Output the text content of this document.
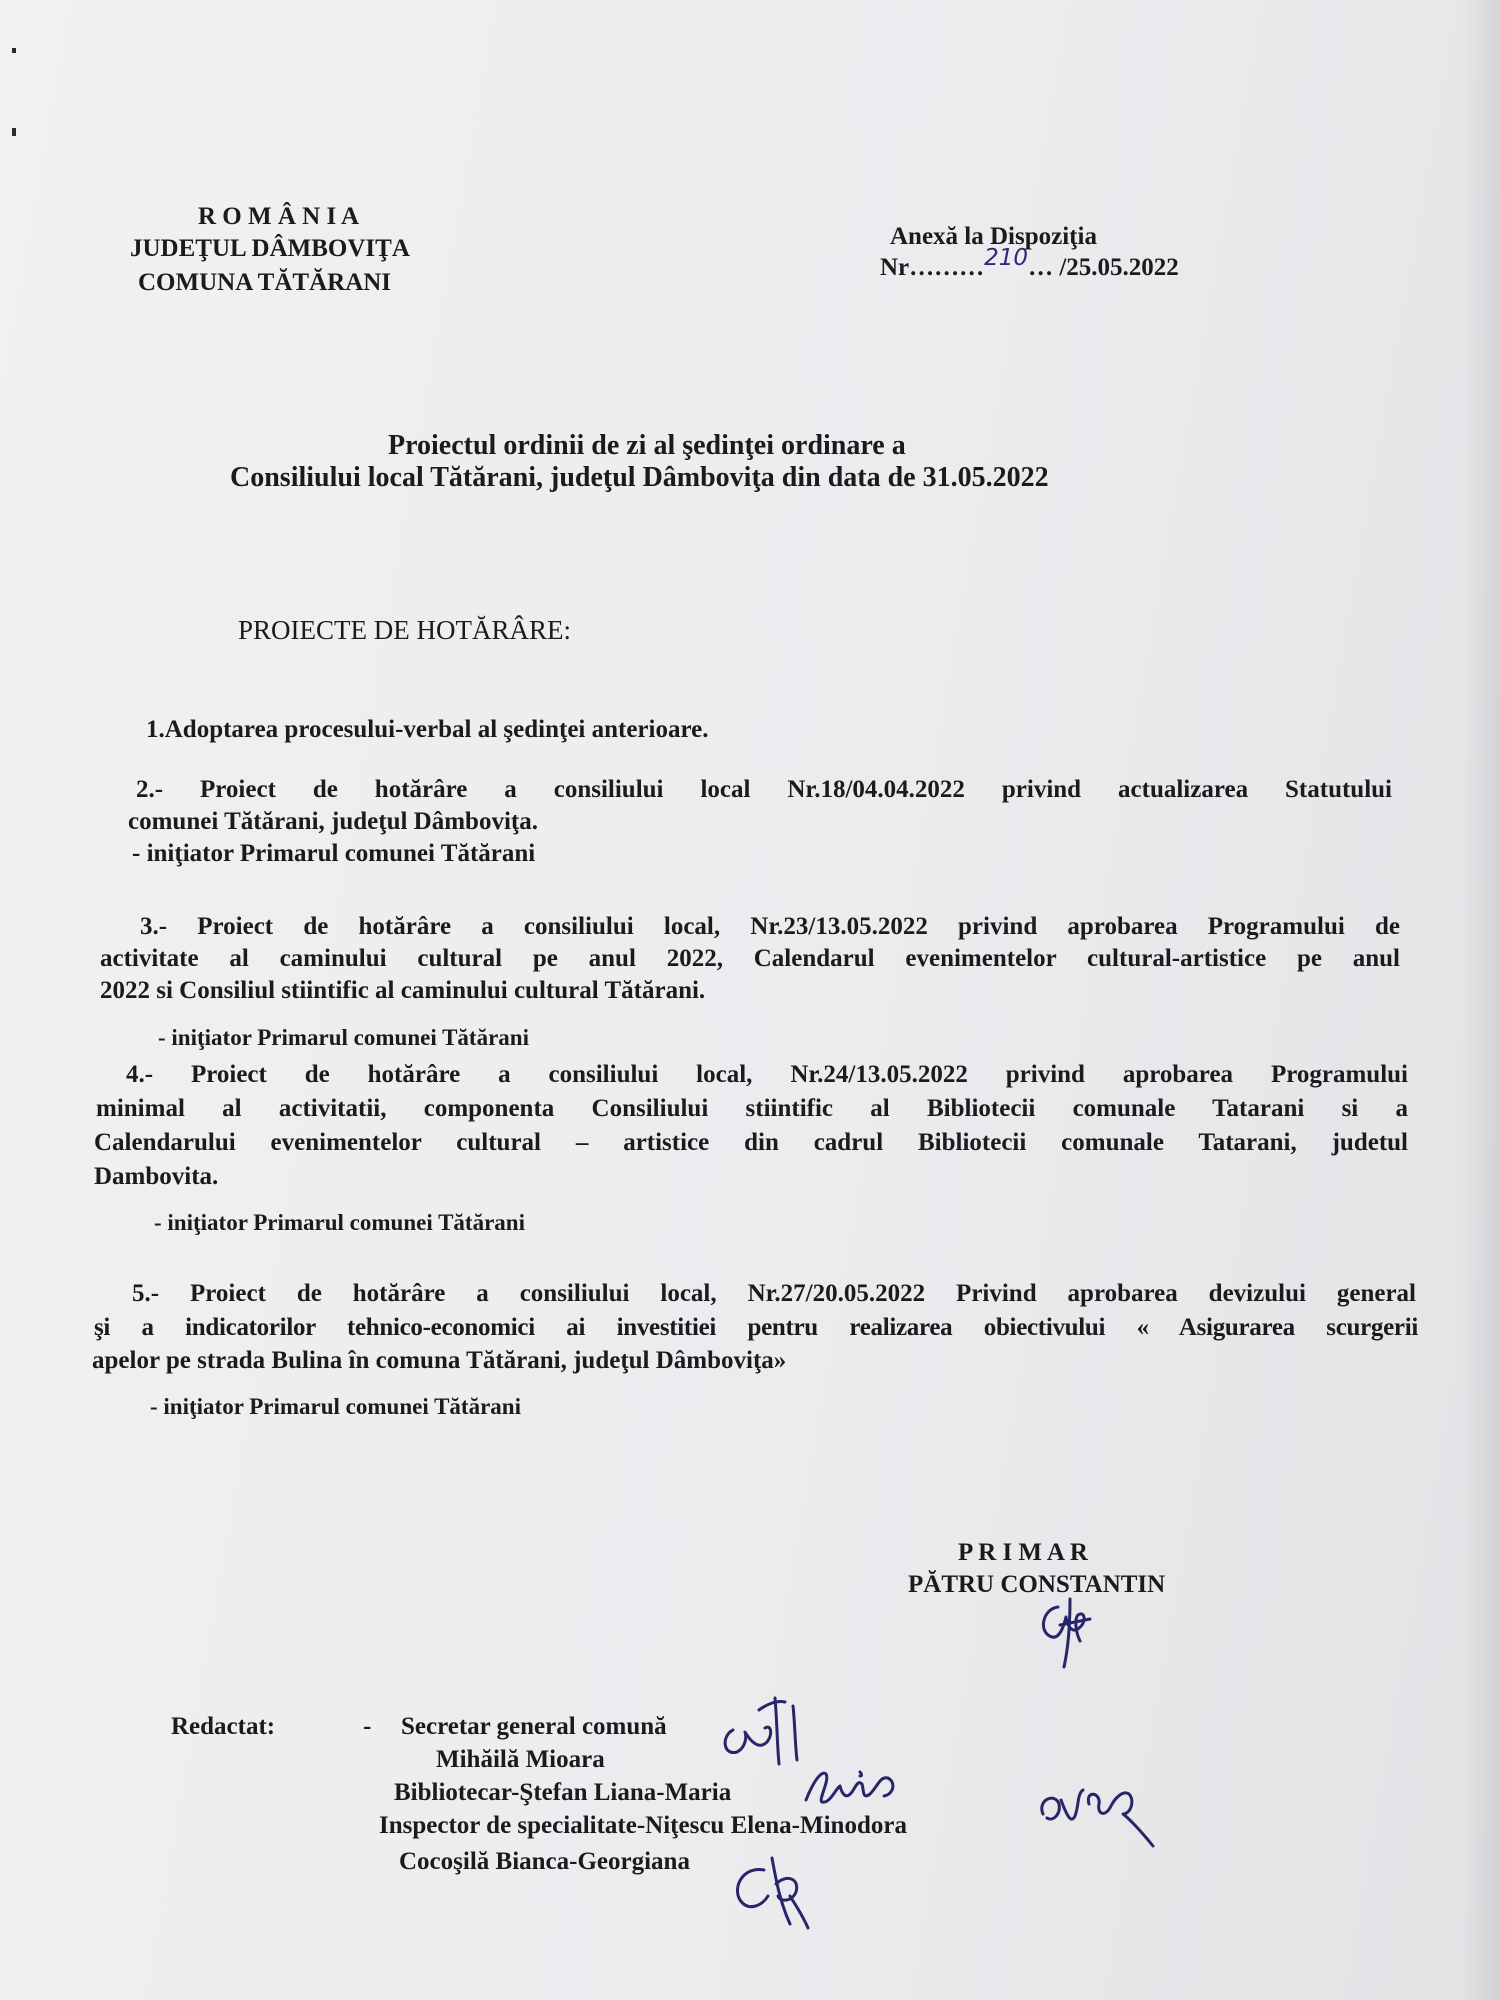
R O M Â N I A
JUDEŢUL DÂMBOVIŢA
COMUNA TĂTĂRANI
Anexă la Dispoziţia
Nr………210… /25.05.2022
Proiectul ordinii de zi al şedinţei ordinare a
Consiliului local Tătărani, judeţul Dâmboviţa din data de 31.05.2022
PROIECTE DE HOTĂRÂRE:
1.Adoptarea procesului-verbal al şedinţei anterioare.
2.- Proiect de hotărâre a consiliului local Nr.18/04.04.2022 privind actualizarea Statutului
comunei Tătărani, judeţul Dâmboviţa.
- iniţiator Primarul comunei Tătărani
3.- Proiect de hotărâre a consiliului local, Nr.23/13.05.2022 privind aprobarea Programului de
activitate al caminului cultural pe anul 2022, Calendarul evenimentelor cultural-artistice pe anul
2022 si Consiliul stiintific al caminului cultural Tătărani.
- iniţiator Primarul comunei Tătărani
4.- Proiect de hotărâre a consiliului local, Nr.24/13.05.2022 privind aprobarea Programului
minimal al activitatii, componenta Consiliului stiintific al Bibliotecii comunale Tatarani si a
Calendarului evenimentelor cultural – artistice din cadrul Bibliotecii comunale Tatarani, judetul
Dambovita.
- iniţiator Primarul comunei Tătărani
5.- Proiect de hotărâre a consiliului local, Nr.27/20.05.2022 Privind aprobarea devizului general
şi a indicatorilor tehnico-economici ai investitiei pentru realizarea obiectivului « Asigurarea scurgerii
apelor pe strada Bulina în comuna Tătărani, judeţul Dâmboviţa»
- iniţiator Primarul comunei Tătărani
P R I M A R
PĂTRU CONSTANTIN
Redactat:	- Secretar general comună
Mihăilă Mioara
Bibliotecar-Ştefan Liana-Maria
Inspector de specialitate-Niţescu Elena-Minodora
Cocoşilă Bianca-Georgiana
